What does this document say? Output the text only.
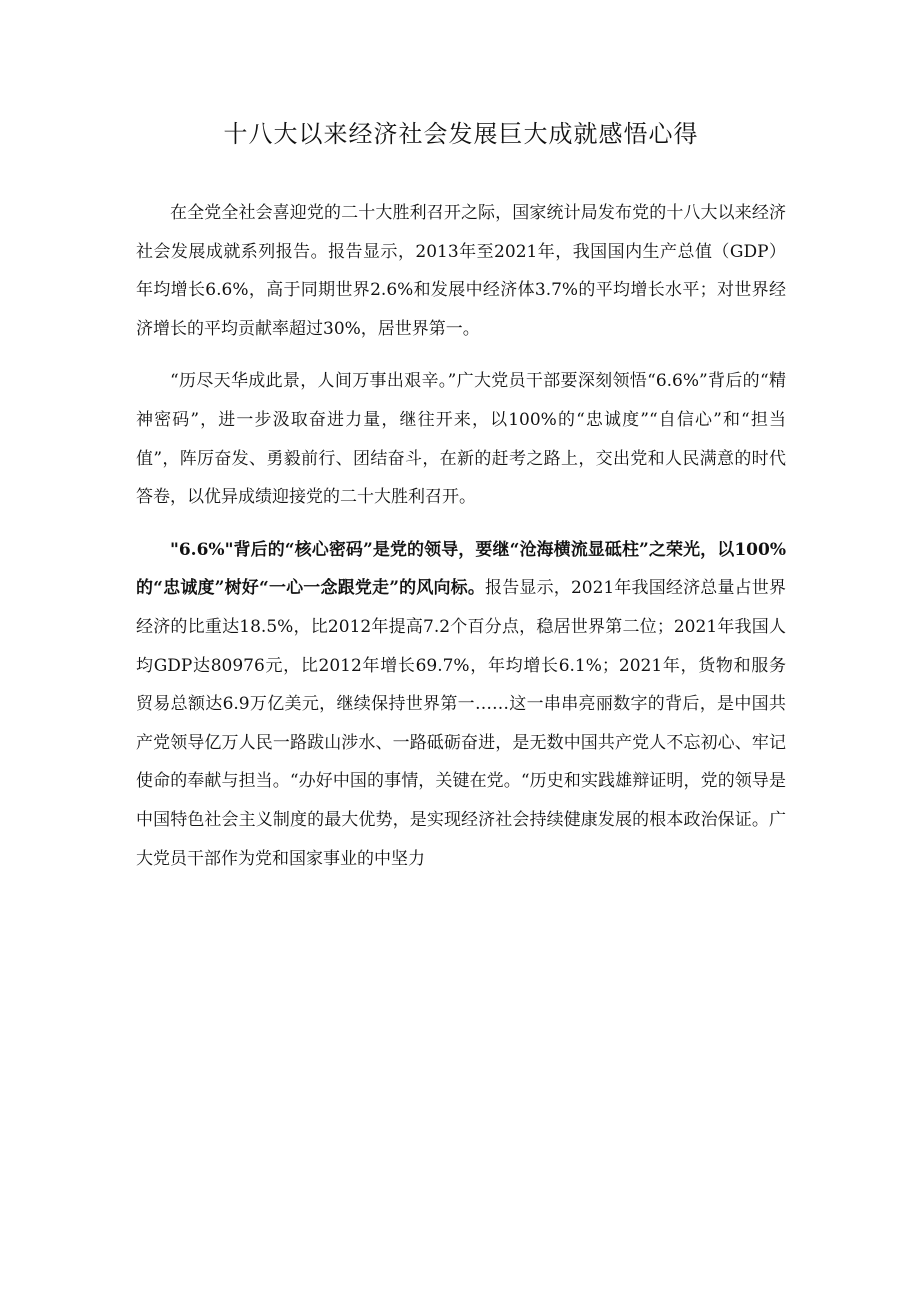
十八大以来经济社会发展巨大成就感悟心得

在全党全社会喜迎党的二十大胜利召开之际，国家统计局发布党的十八大以来经济社会发展成就系列报告。报告显示，2013年至2021年，我国国内生产总值（GDP）年均增长6.6%，高于同期世界2.6%和发展中经济体3.7%的平均增长水平；对世界经济增长的平均贡献率超过30%，居世界第一。

“历尽天华成此景，人间万事出艰辛。”广大党员干部要深刻领悟“6.6%”背后的“精神密码”，进一步汲取奋进力量，继往开来，以100%的“忠诚度”“自信心”和“担当值”，阵厉奋发、勇毅前行、团结奋斗，在新的赶考之路上，交出党和人民满意的时代答卷，以优异成绩迎接党的二十大胜利召开。

"6.6%"背后的“核心密码”是党的领导，要继“沧海横流显砥柱”之荣光，以100%的“忠诚度”树好“一心一念跟党走”的风向标。报告显示，2021年我国经济总量占世界经济的比重达18.5%，比2012年提高7.2个百分点，稳居世界第二位；2021年我国人均GDP达80976元，比2012年增长69.7%，年均增长6.1%；2021年，货物和服务贸易总额达6.9万亿美元，继续保持世界第一……这一串串亮丽数字的背后，是中国共产党领导亿万人民一路跋山涉水、一路砥砺奋进，是无数中国共产党人不忘初心、牢记使命的奉献与担当。“办好中国的事情，关键在党。“历史和实践雄辩证明，党的领导是中国特色社会主义制度的最大优势，是实现经济社会持续健康发展的根本政治保证。广大党员干部作为党和国家事业的中坚力
